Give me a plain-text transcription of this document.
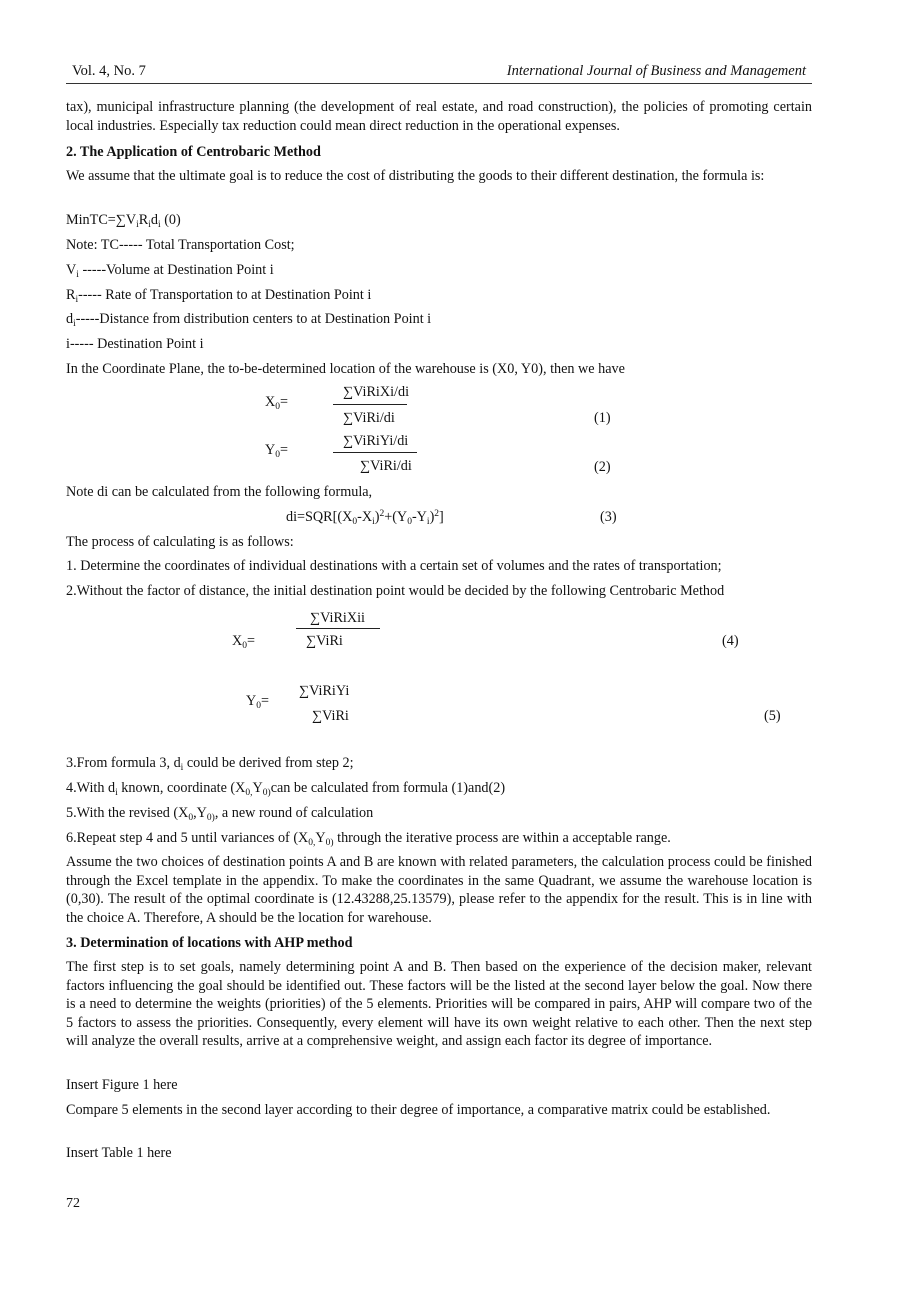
Vol. 4, No. 7	International Journal of Business and Management

tax), municipal infrastructure planning (the development of real estate, and road construction), the policies of promoting certain local industries. Especially tax reduction could mean direct reduction in the operational expenses.

2. The Application of Centrobaric Method

We assume that the ultimate goal is to reduce the cost of distributing the goods to their different destination, the formula is:

$MinTC=\sum V_iR_id_i$ (0)
Note: TC----- Total Transportation Cost;
$V_i$ -----Volume at Destination Point i
$R_i-----$ Rate of Transportation to at Destination Point i
$d_i----$-Distance from distribution centers to at Destination Point i
i----- Destination Point i
In the Coordinate Plane, the to-be-determined location of the warehouse is (X0, Y0), then we have
$X_0=$
∑ViRiXi/di
∑ViRi/di	(1)
$Y_0=$
∑ViRiYi/di
∑ViRi/di	(2)
Note di can be calculated from the following formula,
$di=SQR[(X_0-X_i)^2+(Y_0-Y_i)^2]$	(3)
The process of calculating is as follows:
1. Determine the coordinates of individual destinations with a certain set of volumes and the rates of transportation;
2.Without the factor of distance, the initial destination point would be decided by the following Centrobaric Method
$X_0=$
∑ViRiXii
∑ViRi	(4)
$Y_0=$
∑ViRiYi
∑ViRi	(5)
3.From formula 3, $d_i$ could be derived from step 2;
4.With $d_i$ known, coordinate ($X_{0,}Y_{0)}can$ be calculated from formula (1)and(2)
5.With the revised ($X_0,Y_{0)}$, a new round of calculation
6.Repeat step 4 and 5 until variances of ($X_{0,}Y_{0)}$ through the iterative process are within a acceptable range.

Assume the two choices of destination points A and B are known with related parameters, the calculation process could be finished through the Excel template in the appendix. To make the coordinates in the same Quadrant, we assume the warehouse location is (0,30). The result of the optimal coordinate is (12.43288,25.13579), please refer to the appendix for the result. This is in line with the choice A. Therefore, A should be the location for warehouse.

3. Determination of locations with AHP method

The first step is to set goals, namely determining point A and B. Then based on the experience of the decision maker, relevant factors influencing the goal should be identified out. These factors will be the listed at the second layer below the goal. Now there is a need to determine the weights (priorities) of the 5 elements. Priorities will be compared in pairs, AHP will compare two of the 5 factors to assess the priorities. Consequently, every element will have its own weight relative to each other. Then the next step will analyze the overall results, arrive at a comprehensive weight, and assign each factor its degree of importance.

Insert Figure 1 here

Compare 5 elements in the second layer according to their degree of importance, a comparative matrix could be established.

Insert Table 1 here
72
